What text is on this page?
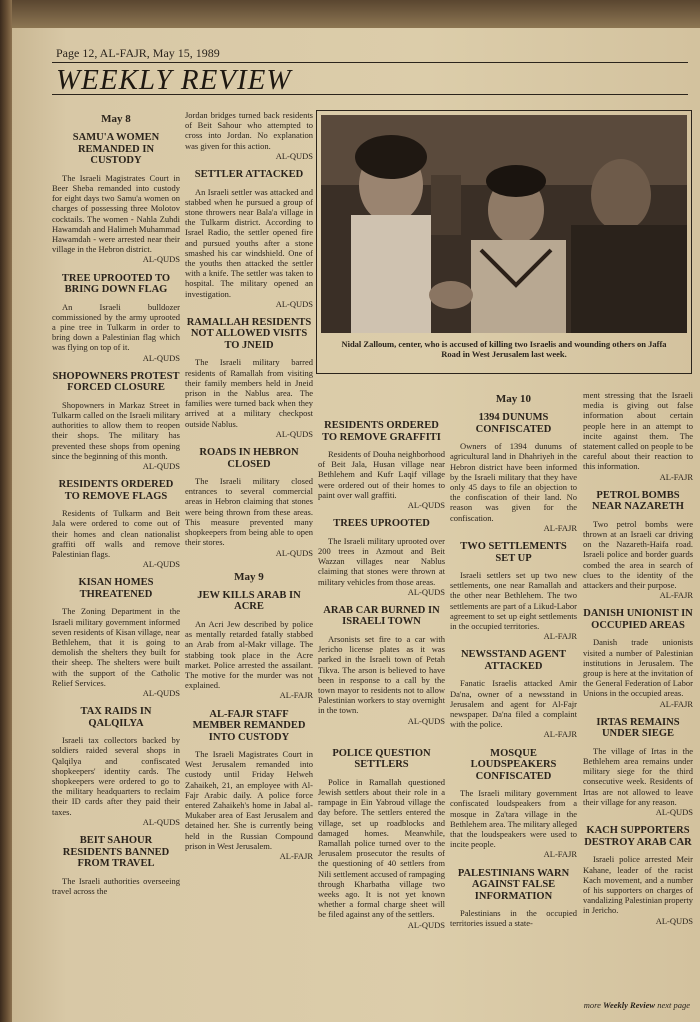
Page 12, AL-FAJR, May 15, 1989
WEEKLY REVIEW
May 8
SAMU'A WOMEN REMANDED IN CUSTODY

The Israeli Magistrates Court in Beer Sheba remanded into custody for eight days two Samu'a women on charges of possessing three Molotov cocktails. The women - Nahla Zuhdi Hawamdah and Halimeh Muhammad Hawamdah - were arrested near their village in the Hebron district.

AL-QUDS
TREE UPROOTED TO BRING DOWN FLAG

An Israeli bulldozer commissioned by the army uprooted a pine tree in Tulkarm in order to bring down a Palestinian flag which was flying on top of it.

AL-QUDS
SHOPOWNERS PROTEST FORCED CLOSURE

Shopowners in Markaz Street in Tulkarm called on the Israeli military authorities to allow them to reopen their shops. The military has prevented these shops from opening since the beginning of this month.

AL-QUDS
RESIDENTS ORDERED TO REMOVE FLAGS

Residents of Tulkarm and Beit Jala were ordered to come out of their homes and clean nationalist graffiti off walls and remove Palestinian flags.

AL-QUDS
KISAN HOMES THREATENED

The Zoning Department in the Israeli military government informed seven residents of Kisan village, near Bethlehem, that it is going to demolish the shelters they built for their sheep. The shelters were built with the support of the Catholic Relief Services.

AL-QUDS
TAX RAIDS IN QALQILYA

Israeli tax collectors backed by soldiers raided several shops in Qalqilya and confiscated shopkeepers' identity cards. The shopkeepers were ordered to go to the military headquarters to reclaim their ID cards after they paid their taxes.

AL-QUDS
BEIT SAHOUR RESIDENTS BANNED FROM TRAVEL

The Israeli authorities overseeing travel across the

Jordan bridges turned back residents of Beit Sahour who attempted to cross into Jordan. No explanation was given for this action.

AL-QUDS
SETTLER ATTACKED

An Israeli settler was attacked and stabbed when he pursued a group of stone throwers near Bala'a village in the Tulkarm district. According to Israel Radio, the settler opened fire and pursued youths after a stone smashed his car windshield. One of the youths then attacked the settler with a knife. The settler was taken to hospital. The military opened an investigation.

AL-QUDS
RAMALLAH RESIDENTS NOT ALLOWED VISITS TO JNEID

The Israeli military barred residents of Ramallah from visiting their family members held in Jneid prison in the Nablus area. The families were turned back when they arrived at a military checkpost outside Nablus.

AL-QUDS
ROADS IN HEBRON CLOSED

The Israeli military closed entrances to several commercial areas in Hebron claiming that stones were being thrown from these areas. This measure prevented many shopkeepers from being able to open their stores.

AL-QUDS
May 9
JEW KILLS ARAB IN ACRE

An Acri Jew described by police as mentally retarded fatally stabbed an Arab from al-Makr village. The stabbing took place in the Acre market. Police arrested the assailant. The motive for the murder was not explained.

AL-FAJR
AL-FAJR STAFF MEMBER REMANDED INTO CUSTODY

The Israeli Magistrates Court in West Jerusalem remanded into custody until Friday Helweh Zahaikeh, 21, an employee with Al-Fajr Arabic daily. A police force entered Zahaikeh's home in Jabal al-Mukaber area of East Jerusalem and detained her. She is currently being held in the Russian Compound prison in West Jerusalem.

AL-FAJR
Nidal Zalloum, center, who is accused of killing two Israelis and wounding others on Jaffa Road in West Jerusalem last week.
RESIDENTS ORDERED TO REMOVE GRAFFITI

Residents of Douha neighborhood of Beit Jala, Husan village near Bethlehem and Kufr Laqif village were ordered out of their homes to paint over wall graffiti.

AL-QUDS
TREES UPROOTED

The Israeli military uprooted over 200 trees in Azmout and Beit Wazzan villages near Nablus claiming that stones were thrown at military vehicles from those areas.

AL-QUDS
ARAB CAR BURNED IN ISRAELI TOWN

Arsonists set fire to a car with Jericho license plates as it was parked in the Israeli town of Petah Tikva. The arson is believed to have been in response to a call by the town mayor to residents not to allow Palestinian workers to stay overnight in the town.

AL-QUDS
POLICE QUESTION SETTLERS

Police in Ramallah questioned Jewish settlers about their role in a rampage in Ein Yabroud village the day before. The settlers entered the village, set up roadblocks and damaged homes. Meanwhile, Ramallah police turned over to the Jerusalem prosecutor the results of the questioning of 40 settlers from Nili settlement accused of rampaging through Kharbatha village two weeks ago. It is not yet known whether a formal charge sheet will be filed against any of the settlers.

AL-QUDS
May 10
1394 DUNUMS CONFISCATED

Owners of 1394 dunums of agricultural land in Dhahriyeh in the Hebron district have been informed by the Israeli military that they have only 45 days to file an objection to the confiscation of their land. No reason was given for the confiscation.

AL-FAJR
TWO SETTLEMENTS SET UP

Israeli settlers set up two new settlements, one near Ramallah and the other near Bethlehem. The two settlements are part of a Likud-Labor agreement to set up eight settlements in the occupied territories.

AL-FAJR
NEWSSTAND AGENT ATTACKED

Fanatic Israelis attacked Amir Da'na, owner of a newsstand in Jerusalem and agent for Al-Fajr newspaper. Da'na filed a complaint with the police.

AL-FAJR
MOSQUE LOUDSPEAKERS CONFISCATED

The Israeli military government confiscated loudspeakers from a mosque in Za'tara village in the Bethlehem area. The military alleged that the loudspeakers were used to incite people.

AL-FAJR
PALESTINIANS WARN AGAINST FALSE INFORMATION

Palestinians in the occupied territories issued a state-

ment stressing that the Israeli media is giving out false information about certain people here in an attempt to incite against them. The statement called on people to be careful about their reaction to this information.

AL-FAJR
PETROL BOMBS NEAR NAZARETH

Two petrol bombs were thrown at an Israeli car driving on the Nazareth-Haifa road. Israeli police and border guards combed the area in search of clues to the identity of the attackers and their purpose.

AL-FAJR
DANISH UNIONIST IN OCCUPIED AREAS

Danish trade unionists visited a number of Palestinian institutions in Jerusalem. The group is here at the invitation of the General Federation of Labor Unions in the occupied areas.

AL-FAJR
IRTAS REMAINS UNDER SIEGE

The village of Irtas in the Bethlehem area remains under military siege for the third consecutive week. Residents of Irtas are not allowed to leave their village for any reason.

AL-QUDS
KACH SUPPORTERS DESTROY ARAB CAR

Israeli police arrested Meir Kahane, leader of the racist Kach movement, and a number of his supporters on charges of vandalizing Palestinian property in Jericho.

AL-QUDS
more Weekly Review next page
